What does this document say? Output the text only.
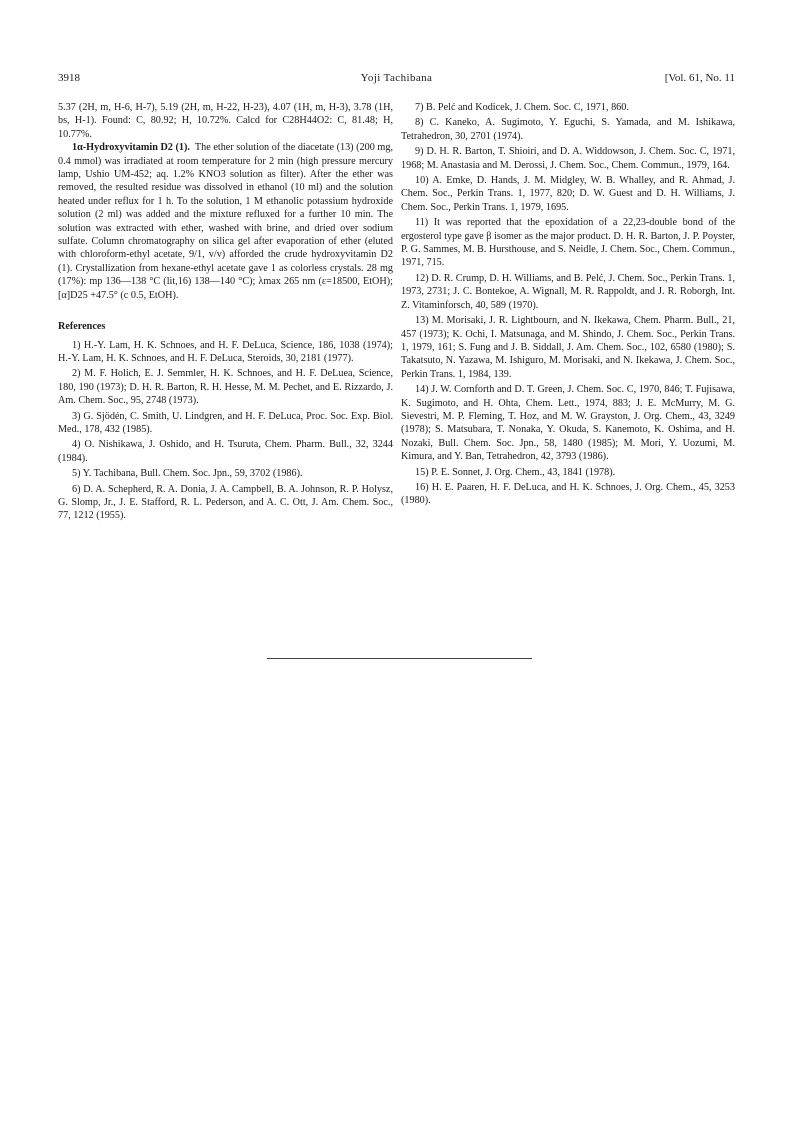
3918	Yoji Tachibana	[Vol. 61, No. 11

5.37 (2H, m, H-6, H-7), 5.19 (2H, m, H-22, H-23), 4.07 (1H, m, H-3), 3.78 (1H, bs, H-1). Found: C, 80.92; H, 10.72%. Calcd for C28H44O2: C, 81.48; H, 10.77%.

1α-Hydroxyvitamin D2 (1). The ether solution of the diacetate (13) (200 mg, 0.4 mmol) was irradiated at room temperature for 2 min (high pressure mercury lamp, Ushio UM-452; aq. 1.2% KNO3 solution as filter). After the ether was removed, the resulted residue was dissolved in ethanol (10 ml) and the solution heated under reflux for 1 h. To the solution, 1 M ethanolic potassium hydroxide solution (2 ml) was added and the mixture refluxed for a further 10 min. The solution was extracted with ether, washed with brine, and dried over sodium sulfate. Column chromatography on silica gel after evaporation of ether (eluted with chloroform-ethyl acetate, 9/1, v/v) afforded the crude hydroxyvitamin D2 (1). Crystallization from hexane-ethyl acetate gave 1 as colorless crystals. 28 mg (17%): mp 136—138 °C (lit,16) 138—140 °C); λmax 265 nm (ε=18500, EtOH); [α]D25 +47.5° (c 0.5, EtOH).

References

1) H.-Y. Lam, H. K. Schnoes, and H. F. DeLuca, Science, 186, 1038 (1974); H.-Y. Lam, H. K. Schnoes, and H. F. DeLuca, Steroids, 30, 2181 (1977).

2) M. F. Holich, E. J. Semmler, H. K. Schnoes, and H. F. DeLuea, Science, 180, 190 (1973); D. H. R. Barton, R. H. Hesse, M. M. Pechet, and E. Rizzardo, J. Am. Chem. Soc., 95, 2748 (1973).

3) G. Sjödén, C. Smith, U. Lindgren, and H. F. DeLuca, Proc. Soc. Exp. Biol. Med., 178, 432 (1985).

4) O. Nishikawa, J. Oshido, and H. Tsuruta, Chem. Pharm. Bull., 32, 3244 (1984).

5) Y. Tachibana, Bull. Chem. Soc. Jpn., 59, 3702 (1986).

6) D. A. Schepherd, R. A. Donia, J. A. Campbell, B. A. Johnson, R. P. Holysz, G. Slomp, Jr., J. E. Stafford, R. L. Pederson, and A. C. Ott, J. Am. Chem. Soc., 77, 1212 (1955).

7) B. Pelć and Kodicek, J. Chem. Soc. C, 1971, 860.

8) C. Kaneko, A. Sugimoto, Y. Eguchi, S. Yamada, and M. Ishikawa, Tetrahedron, 30, 2701 (1974).

9) D. H. R. Barton, T. Shioiri, and D. A. Widdowson, J. Chem. Soc. C, 1971, 1968; M. Anastasia and M. Derossi, J. Chem. Soc., Chem. Commun., 1979, 164.

10) A. Emke, D. Hands, J. M. Midgley, W. B. Whalley, and R. Ahmad, J. Chem. Soc., Perkin Trans. 1, 1977, 820; D. W. Guest and D. H. Williams, J. Chem. Soc., Perkin Trans. 1, 1979, 1695.

11) It was reported that the epoxidation of a 22,23-double bond of the ergosterol type gave β isomer as the major product. D. H. R. Barton, J. P. Poyster, P. G. Sammes, M. B. Hursthouse, and S. Neidle, J. Chem. Soc., Chem. Commun., 1971, 715.

12) D. R. Crump, D. H. Williams, and B. Pelć, J. Chem. Soc., Perkin Trans. 1, 1973, 2731; J. C. Bontekoe, A. Wignall, M. R. Rappoldt, and J. R. Roborgh, Int. Z. Vitaminforsch, 40, 589 (1970).

13) M. Morisaki, J. R. Lightbourn, and N. Ikekawa, Chem. Pharm. Bull., 21, 457 (1973); K. Ochi, I. Matsunaga, and M. Shindo, J. Chem. Soc., Perkin Trans. 1, 1979, 161; S. Fung and J. B. Siddall, J. Am. Chem. Soc., 102, 6580 (1980); S. Takatsuto, N. Yazawa, M. Ishiguro, M. Morisaki, and N. Ikekawa, J. Chem. Soc., Perkin Trans. 1, 1984, 139.

14) J. W. Cornforth and D. T. Green, J. Chem. Soc. C, 1970, 846; T. Fujisawa, K. Sugimoto, and H. Ohta, Chem. Lett., 1974, 883; J. E. McMurry, M. G. Sievestri, M. P. Fleming, T. Hoz, and M. W. Grayston, J. Org. Chem., 43, 3249 (1978); S. Matsubara, T. Nonaka, Y. Okuda, S. Kanemoto, K. Oshima, and H. Nozaki, Bull. Chem. Soc. Jpn., 58, 1480 (1985); M. Mori, Y. Uozumi, M. Kimura, and Y. Ban, Tetrahedron, 42, 3793 (1986).

15) P. E. Sonnet, J. Org. Chem., 43, 1841 (1978).

16) H. E. Paaren, H. F. DeLuca, and H. K. Schnoes, J. Org. Chem., 45, 3253 (1980).
